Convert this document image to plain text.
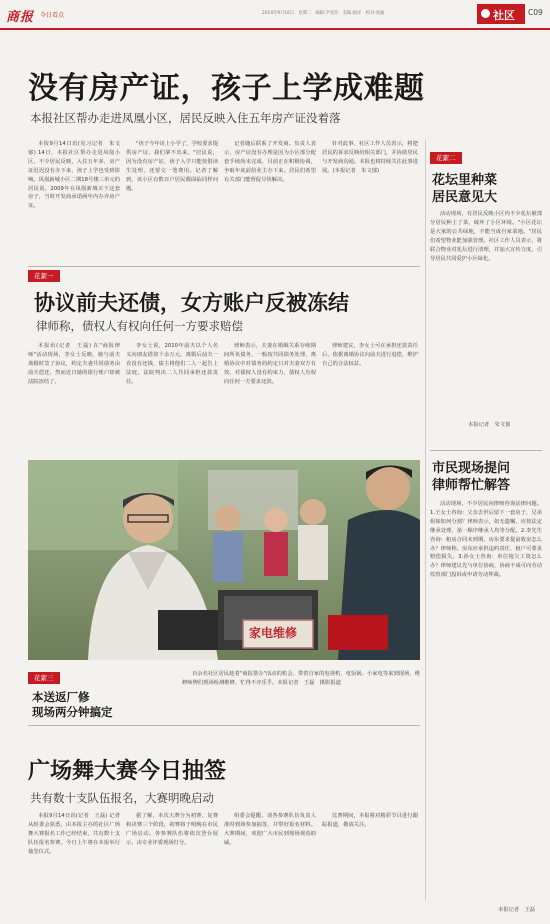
商报 今日看点	2014年9月16日　星期二　编辑:尹宪浩　美编:杨洋　校对:张颖	社区 C09
没有房产证，孩子上学成难题
本报社区帮办走进凤凰小区，居民反映入住五年房产证没着落

本报9月14日讯(见习记者　朱文郁) 14日，本报社区帮办走进凤凰小区，不少居民反映，入住五年多，房产证迟迟没有办下来，孩子上学也受到影响。凤凰新城小区二期18号楼三单元的居民说，2009年在凤凰新城买下这套房子，当时开发商承诺两年内办齐房产证。

"孩子今年该上小学了，学校要求提供房产证，我们拿不出来。"居民说，因为没有房产证，孩子入学只能按借读生处理，还要交一笔费用。记者了解到，该小区有数百户居民都面临同样问题。

记者随后联系了开发商。负责人表示，房产证没有办理是因为小区部分配套手续尚未完成，目前正在积极协调，争取年底前给业主办下来。居民们希望有关部门能督促尽快解决。

针对此事，社区工作人员表示，将把居民的诉求反映给相关部门，并协助居民与开发商沟通。本报也将持续关注此事进展。(本报记者　朱文郁)

花絮一
协议前夫还债，女方账户反被冻结
律师称，债权人有权向任何一方要求赔偿

本报讯(记者　王磊) 在"商报律师"活动现场，李女士反映，她与前夫离婚时签了协议，约定夫妻共同债务由前夫偿还，然而近日她的银行账户却被法院冻结了。

李女士说，2010年前夫以个人名义向朋友借款十余万元，离婚后前夫一直没有还钱，债主将他们二人一起告上法庭，法院判决二人共同承担还款责任。

律师表示，夫妻在婚姻关系存续期间所负债务，一般按共同债务处理，离婚协议中对债务的约定只对夫妻双方有效，对债权人没有约束力，债权人有权向任何一方要求还款。

律师建议，李女士可在承担还款责任后，依据离婚协议向前夫进行追偿，维护自己的合法权益。

家电维修

百余名社区居民趁着"商报帮办"活动的机会，带着自家的电视机、电饭锅、小家电等来到现场，维修师傅们现场检测维修，忙得不亦乐乎。本报记者　王磊　摄影报道

花絮三
本送返厂修
现场两分钟搞定
广场舞大赛今日抽签
共有数十支队伍报名，大赛明晚启动

本报9月14日讯(记者　王磊) 记者从组委会获悉，由本报主办的社区广场舞大赛报名工作已经结束，共有数十支队伍报名参赛。今日上午将在本报举行抽签仪式。

据了解，本次大赛分为初赛、复赛和决赛三个阶段，初赛将于明晚在市民广场启动。各参赛队伍将依次登台展示，由专业评委现场打分。

组委会提醒，请各参赛队伍负责人准时到场参加抽签，并带好报名材料。大赛期间，欢迎广大市民到现场观看助威。

比赛期间，本报将对精彩节目进行跟踪报道，敬请关注。

花絮二
花坛里种菜
居民意见大

活动现场，有居民反映小区内不少花坛被部分居民种上了菜，破坏了小区环境。"小区花坛是大家的公共绿地，不能当成自家菜地。"居民们希望物业能加强管理。社区工作人员表示，将联合物业对花坛进行清理，并加大宣传力度，引导居民共同爱护小区绿化。

本报记者　朱文郁
市民现场提问
律师帮忙解答

活动现场，不少居民向律师咨询法律问题。1.王女士咨询：父亲去世后留下一套房子，兄弟姐妹如何分割？律师表示，如无遗嘱，应按法定继承处理，第一顺序继承人均等分配。2.李先生咨询：租房合同未到期，房东要求提前收房怎么办？律师称，房东应承担违约责任，租户可要求赔偿损失。3.孙女士咨询：单位拖欠工资怎么办？律师建议先与单位协商，协商不成可向劳动监察部门投诉或申请劳动仲裁。

本报记者　王磊
